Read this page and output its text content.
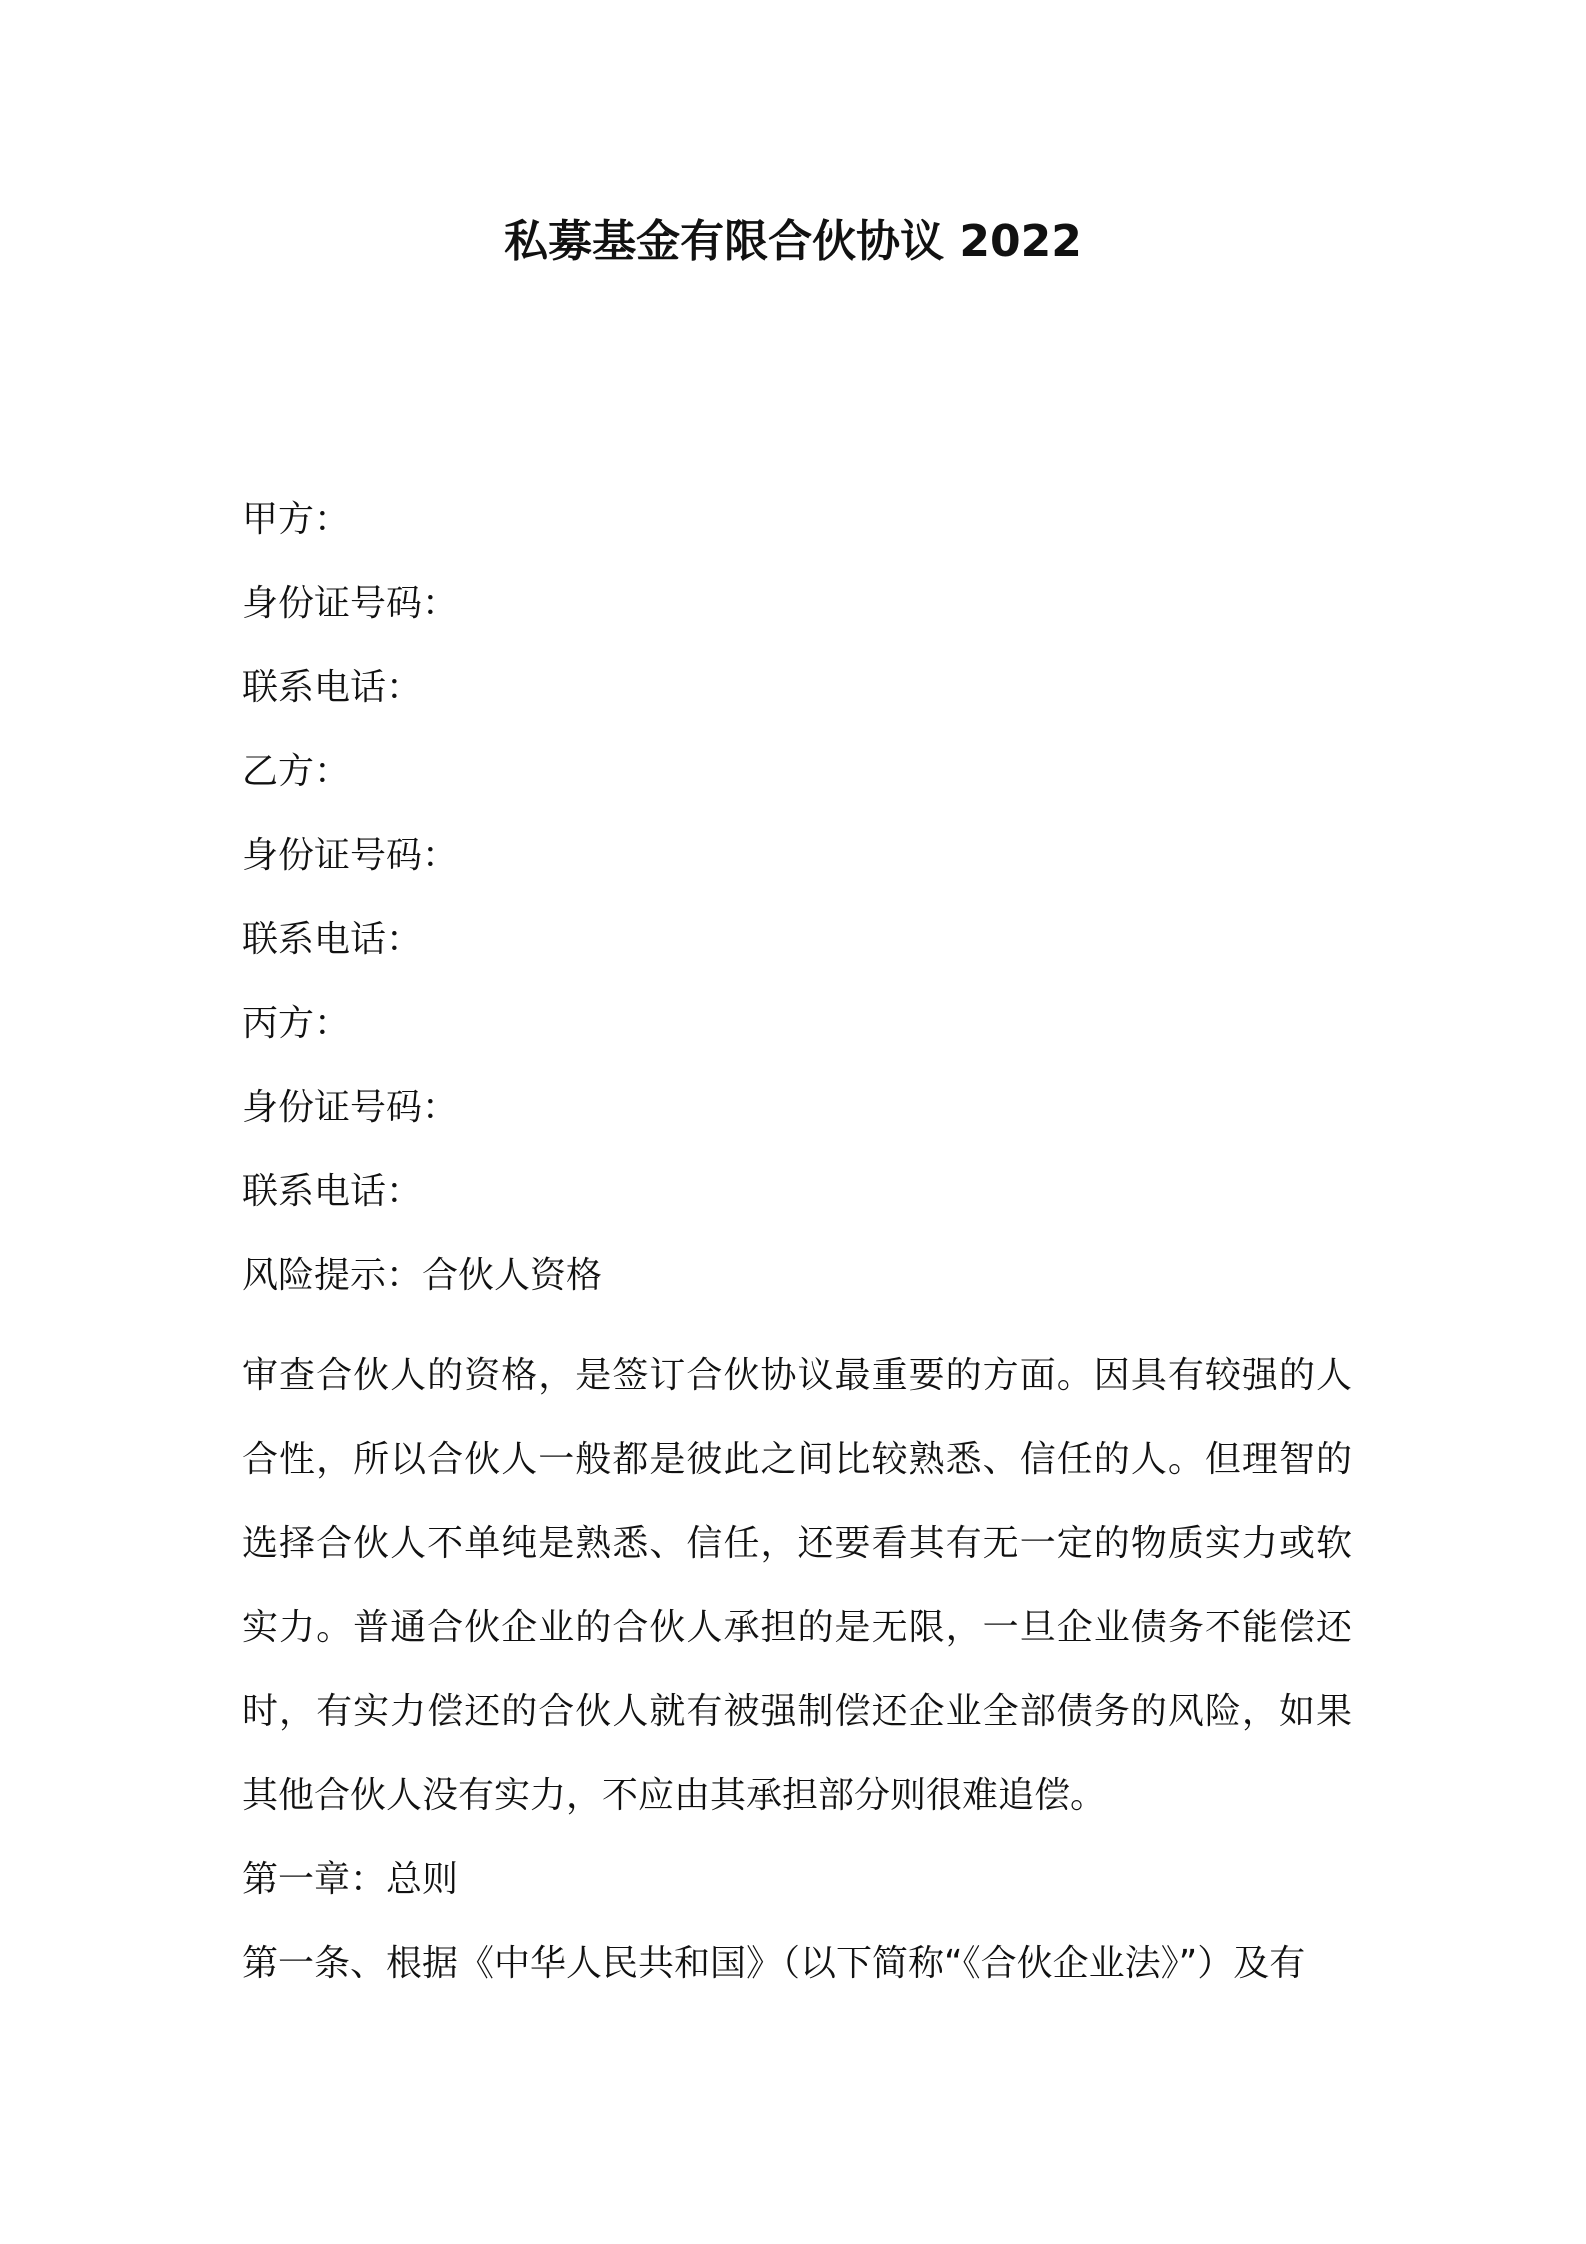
私募基金有限合伙协议 2022
甲方：
身份证号码：
联系电话：
乙方：
身份证号码：
联系电话：
丙方：
身份证号码：
联系电话：
风险提示：合伙人资格

审查合伙人的资格，是签订合伙协议最重要的方面。因具有较强的人合性，所以合伙人一般都是彼此之间比较熟悉、信任的人。但理智的选择合伙人不单纯是熟悉、信任，还要看其有无一定的物质实力或软实力。普通合伙企业的合伙人承担的是无限，一旦企业债务不能偿还时，有实力偿还的合伙人就有被强制偿还企业全部债务的风险，如果其他合伙人没有实力，不应由其承担部分则很难追偿。

第一章：总则
第一条、根据《中华人民共和国》（以下简称“《合伙企业法》”）及有
